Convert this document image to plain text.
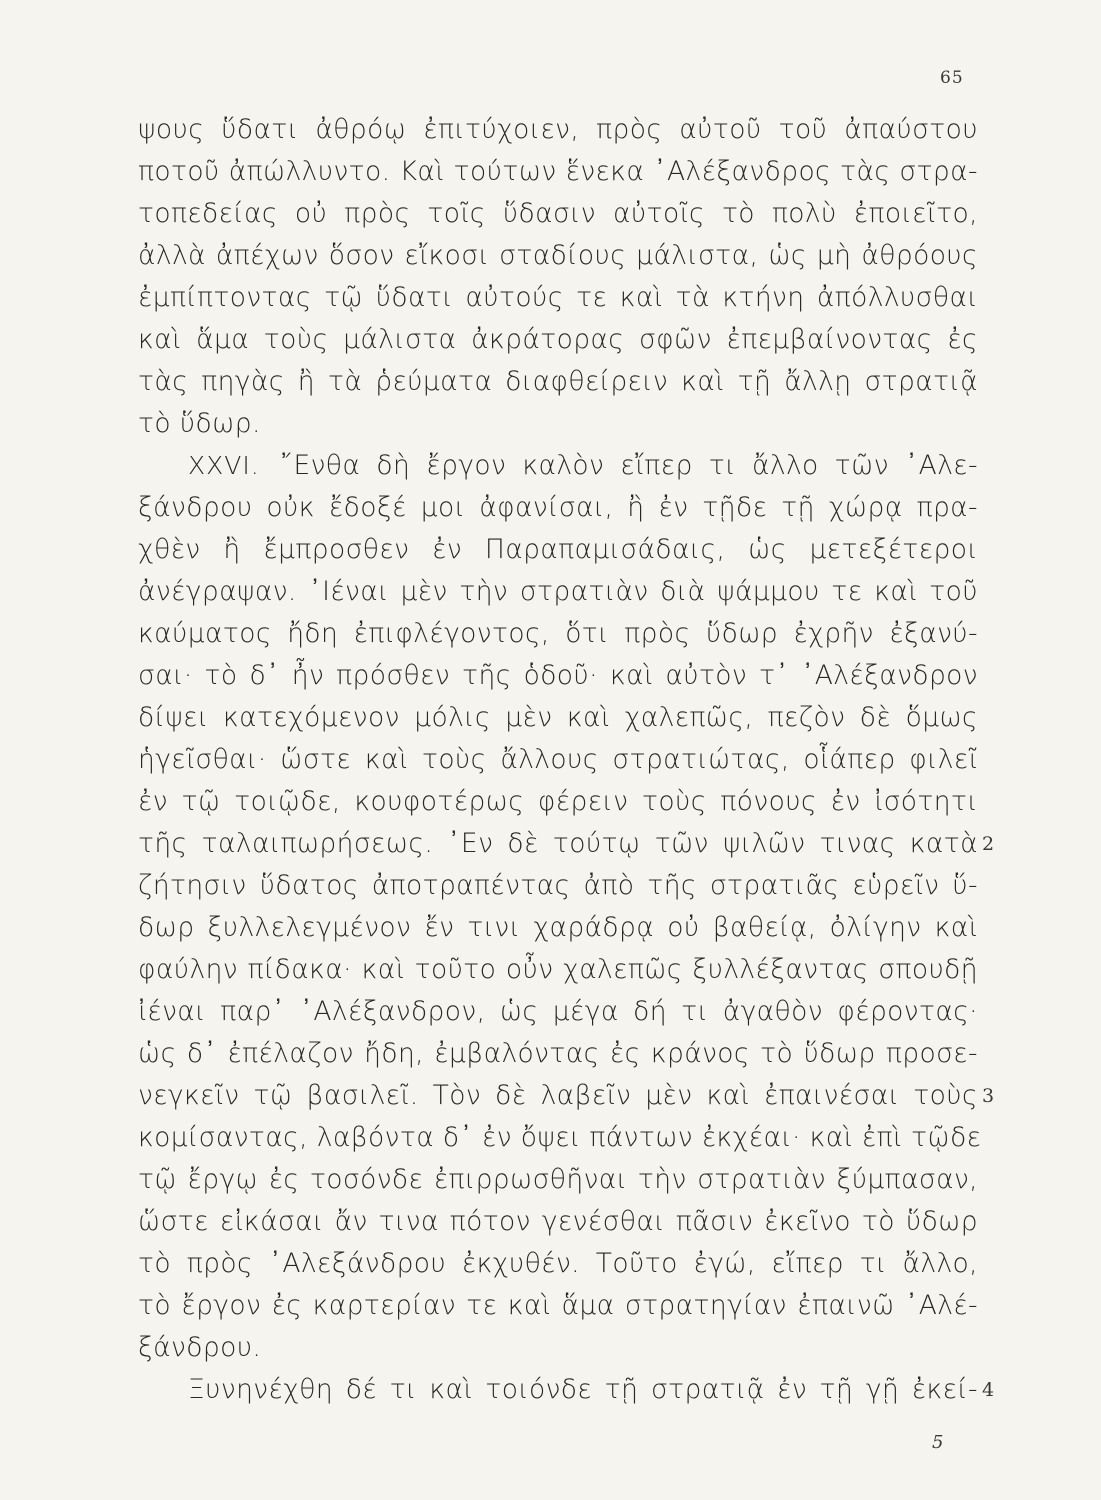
65
ψους ὕδατι ἀθρόῳ ἐπιτύχοιεν, πρὸς αὐτοῦ τοῦ ἀπαύστου
ποτοῦ ἀπώλλυντο. Καὶ τούτων ἕνεκα ᾿Αλέξανδρος τὰς στρα-
τοπεδείας οὐ πρὸς τοῖς ὕδασιν αὐτοῖς τὸ πολὺ ἐποιεῖτο,
ἀλλὰ ἀπέχων ὅσον εἴκοσι σταδίους μάλιστα, ὡς μὴ ἀθρόους
ἐμπίπτοντας τῷ ὕδατι αὐτούς τε καὶ τὰ κτήνη ἀπόλλυσθαι
καὶ ἅμα τοὺς μάλιστα ἀκράτορας σφῶν ἐπεμβαίνοντας ἐς
τὰς πηγὰς ἢ τὰ ῥεύματα διαφθείρειν καὶ τῇ ἄλλῃ στρατιᾷ
τὸ ὕδωρ.
XXVI. ῎Ενθα δὴ ἔργον καλὸν εἴπερ τι ἄλλο τῶν ᾿Αλε-
ξάνδρου οὐκ ἔδοξέ μοι ἀφανίσαι, ἢ ἐν τῇδε τῇ χώρᾳ πρα-
χθὲν ἢ ἔμπροσθεν ἐν Παραπαμισάδαις, ὡς μετεξέτεροι
ἀνέγραψαν. ᾿Ιέναι μὲν τὴν στρατιὰν διὰ ψάμμου τε καὶ τοῦ
καύματος ἤδη ἐπιφλέγοντος, ὅτι πρὸς ὕδωρ ἐχρῆν ἐξανύ-
σαι· τὸ δ᾿ ἦν πρόσθεν τῆς ὁδοῦ· καὶ αὐτὸν τ᾿ ᾿Αλέξανδρον
δίψει κατεχόμενον μόλις μὲν καὶ χαλεπῶς, πεζὸν δὲ ὅμως
ἡγεῖσθαι· ὥστε καὶ τοὺς ἄλλους στρατιώτας, οἷάπερ φιλεῖ
ἐν τῷ τοιῷδε, κουφοτέρως φέρειν τοὺς πόνους ἐν ἰσότητι
τῆς ταλαιπωρήσεως. ᾿Εν δὲ τούτῳ τῶν ψιλῶν τινας κατὰ 2
ζήτησιν ὕδατος ἀποτραπέντας ἀπὸ τῆς στρατιᾶς εὑρεῖν ὕ-
δωρ ξυλλελεγμένον ἔν τινι χαράδρᾳ οὐ βαθείᾳ, ὀλίγην καὶ
φαύλην πίδακα· καὶ τοῦτο οὖν χαλεπῶς ξυλλέξαντας σπουδῇ
ἰέναι παρ᾿ ᾿Αλέξανδρον, ὡς μέγα δή τι ἀγαθὸν φέροντας·
ὡς δ᾿ ἐπέλαζον ἤδη, ἐμβαλόντας ἐς κράνος τὸ ὕδωρ προσε-
νεγκεῖν τῷ βασιλεῖ. Τὸν δὲ λαβεῖν μὲν καὶ ἐπαινέσαι τοὺς 3
κομίσαντας, λαβόντα δ᾿ ἐν ὄψει πάντων ἐκχέαι· καὶ ἐπὶ τῷδε
τῷ ἔργῳ ἐς τοσόνδε ἐπιρρωσθῆναι τὴν στρατιὰν ξύμπασαν,
ὥστε εἰκάσαι ἄν τινα πότον γενέσθαι πᾶσιν ἐκεῖνο τὸ ὕδωρ
τὸ πρὸς ᾿Αλεξάνδρου ἐκχυθέν. Τοῦτο ἐγώ, εἴπερ τι ἄλλο,
τὸ ἔργον ἐς καρτερίαν τε καὶ ἅμα στρατηγίαν ἐπαινῶ ᾿Αλέ-
ξάνδρου.
Ξυνηνέχθη δέ τι καὶ τοιόνδε τῇ στρατιᾷ ἐν τῇ γῇ ἐκεί- 4
5
